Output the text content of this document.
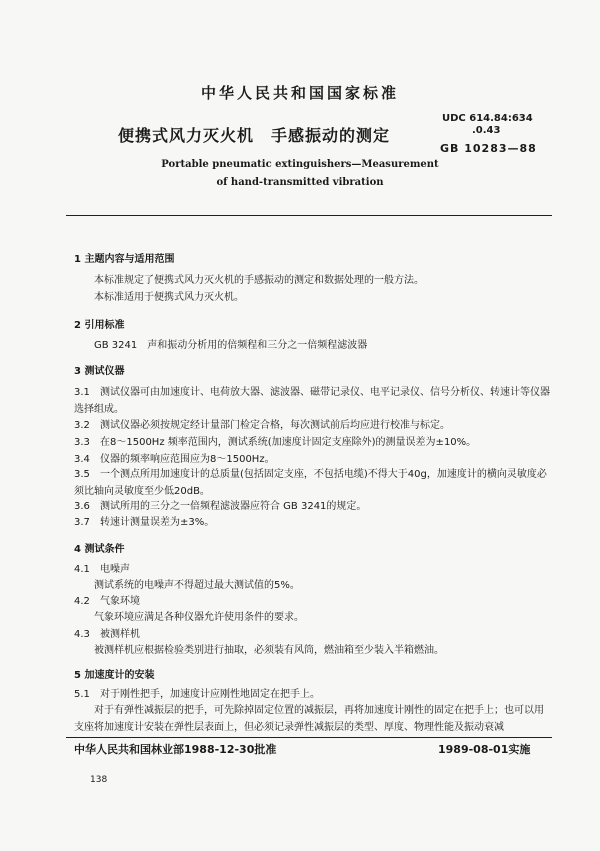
中华人民共和国国家标准
UDC 614.84:634
.0.43
GB 10283—88
便携式风力灭火机　手感振动的测定
Portable pneumatic extinguishers—Measurement
of hand-transmitted vibration
1 主题内容与适用范围
本标准规定了便携式风力灭火机的手感振动的测定和数据处理的一般方法。
本标准适用于便携式风力灭火机。
2 引用标准
GB 3241　声和振动分析用的倍频程和三分之一倍频程滤波器
3 测试仪器
3.1 测试仪器可由加速度计、电荷放大器、滤波器、磁带记录仪、电平记录仪、信号分析仪、转速计等仪器选择组成。
3.2 测试仪器必须按规定经计量部门检定合格，每次测试前后均应进行校准与标定。
3.3 在8～1500Hz 频率范围内，测试系统(加速度计固定支座除外)的测量误差为±10%。
3.4 仪器的频率响应范围应为8～1500Hz。
3.5 一个测点所用加速度计的总质量(包括固定支座，不包括电缆)不得大于40g，加速度计的横向灵敏度必须比轴向灵敏度至少低20dB。
3.6 测试所用的三分之一倍频程滤波器应符合 GB 3241的规定。
3.7 转速计测量误差为±3%。
4 测试条件
4.1 电噪声
测试系统的电噪声不得超过最大测试值的5%。
4.2 气象环境
气象环境应满足各种仪器允许使用条件的要求。
4.3 被测样机
被测样机应根据检验类别进行抽取，必须装有风筒，燃油箱至少装入半箱燃油。
5 加速度计的安装
5.1 对于刚性把手，加速度计应刚性地固定在把手上。
对于有弹性减振层的把手，可先除掉固定位置的减振层，再将加速度计刚性的固定在把手上；也可以用支座将加速度计安装在弹性层表面上，但必须记录弹性减振层的类型、厚度、物理性能及振动衰减
中华人民共和国林业部1988-12-30批准	1989-08-01实施
138
